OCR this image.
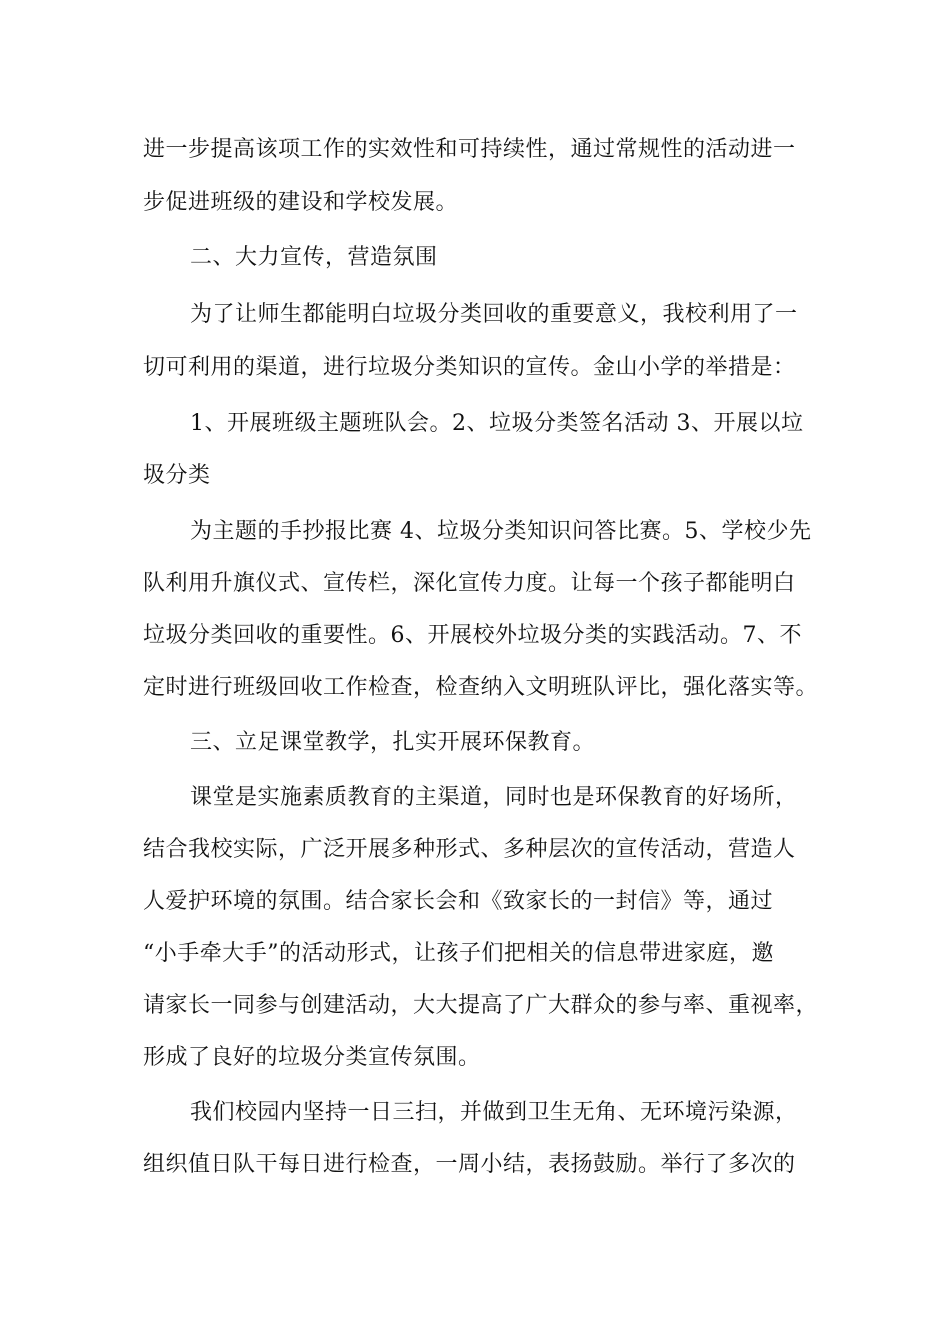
进一步提高该项工作的实效性和可持续性，通过常规性的活动进一
步促进班级的建设和学校发展。
二、大力宣传，营造氛围
为了让师生都能明白垃圾分类回收的重要意义，我校利用了一
切可利用的渠道，进行垃圾分类知识的宣传。金山小学的举措是：
1、开展班级主题班队会。2、垃圾分类签名活动 3、开展以垃
圾分类
为主题的手抄报比赛 4、垃圾分类知识问答比赛。5、学校少先
队利用升旗仪式、宣传栏，深化宣传力度。让每一个孩子都能明白
垃圾分类回收的重要性。6、开展校外垃圾分类的实践活动。7、不
定时进行班级回收工作检查，检查纳入文明班队评比，强化落实等。
三、立足课堂教学，扎实开展环保教育。
课堂是实施素质教育的主渠道，同时也是环保教育的好场所，
结合我校实际，广泛开展多种形式、多种层次的宣传活动，营造人
人爱护环境的氛围。结合家长会和《致家长的一封信》等，通过
“小手牵大手”的活动形式，让孩子们把相关的信息带进家庭，邀
请家长一同参与创建活动，大大提高了广大群众的参与率、重视率，
形成了良好的垃圾分类宣传氛围。
我们校园内坚持一日三扫，并做到卫生无角、无环境污染源，
组织值日队干每日进行检查，一周小结，表扬鼓励。举行了多次的
